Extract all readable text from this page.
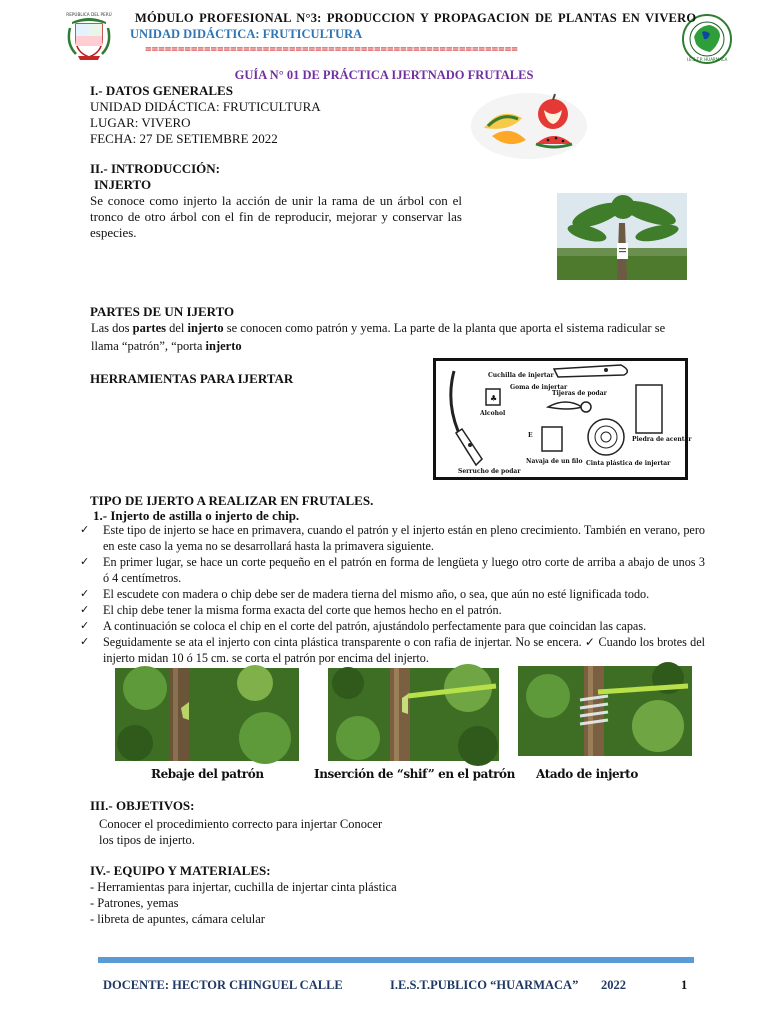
REPÚBLICA DEL PERÚ
I.E.S.T.P. HUARMACA
MÓDULO PROFESIONAL N°3: PRODUCCION Y PROPAGACION DE PLANTAS EN VIVERO
UNIDAD DIDÁCTICA: FRUTICULTURA
=========================================================
GUÍA N° 01 DE PRÁCTICA IJERTNADO FRUTALES
I.- DATOS GENERALES
UNIDAD DIDÁCTICA: FRUTICULTURA
LUGAR: VIVERO
FECHA: 27 DE SETIEMBRE 2022
II.- INTRODUCCIÓN:
INJERTO
Se conoce como injerto la acción de unir la rama de un árbol con el
tronco de otro árbol con el fin de reproducir, mejorar y conservar las
especies.
PARTES DE UN IJERTO
Las dos partes del injerto se conocen como patrón y yema. La parte de la planta que aporta el sistema radicular se
llama “patrón”, “porta injerto
HERRAMIENTAS PARA IJERTAR
Serrucho de podar
Cuchilla de injertar
♣
Goma de injertar
Alcohol
Tijeras de podar
Piedra de acentar
Navaja de un filo
E
Cinta plástica de injertar
TIPO DE IJERTO A REALIZAR EN FRUTALES.
1.- Injerto de astilla o injerto de chip.
✓ Este tipo de injerto se hace en primavera, cuando el patrón y el injerto están en pleno crecimiento. También en verano, pero en este caso la yema no se desarrollará hasta la primavera siguiente.
✓ En primer lugar, se hace un corte pequeño en el patrón en forma de lengüeta y luego otro corte de arriba a abajo de unos 3 ó 4 centímetros.
✓ El escudete con madera o chip debe ser de madera tierna del mismo año, o sea, que aún no esté lignificada todo.
✓ El chip debe tener la misma forma exacta del corte que hemos hecho en el patrón.
✓ A continuación se coloca el chip en el corte del patrón, ajustándolo perfectamente para que coincidan las capas.
✓ Seguidamente se ata el injerto con cinta plástica transparente o con rafia de injertar. No se encera. ✓ Cuando los brotes del injerto midan 10 ó 15 cm. se corta el patrón por encima del injerto.
Rebaje del patrón	Inserción de “shif” en el patrón Atado de injerto
III.- OBJETIVOS:
Conocer el procedimiento correcto para injertar Conocer
los tipos de injerto.
IV.- EQUIPO Y MATERIALES:
- Herramientas para injertar, cuchilla de injertar cinta plástica
- Patrones, yemas
- libreta de apuntes, cámara celular
DOCENTE: HECTOR CHINGUEL CALLE	I.E.S.T.PUBLICO “HUARMACA” 2022	1
